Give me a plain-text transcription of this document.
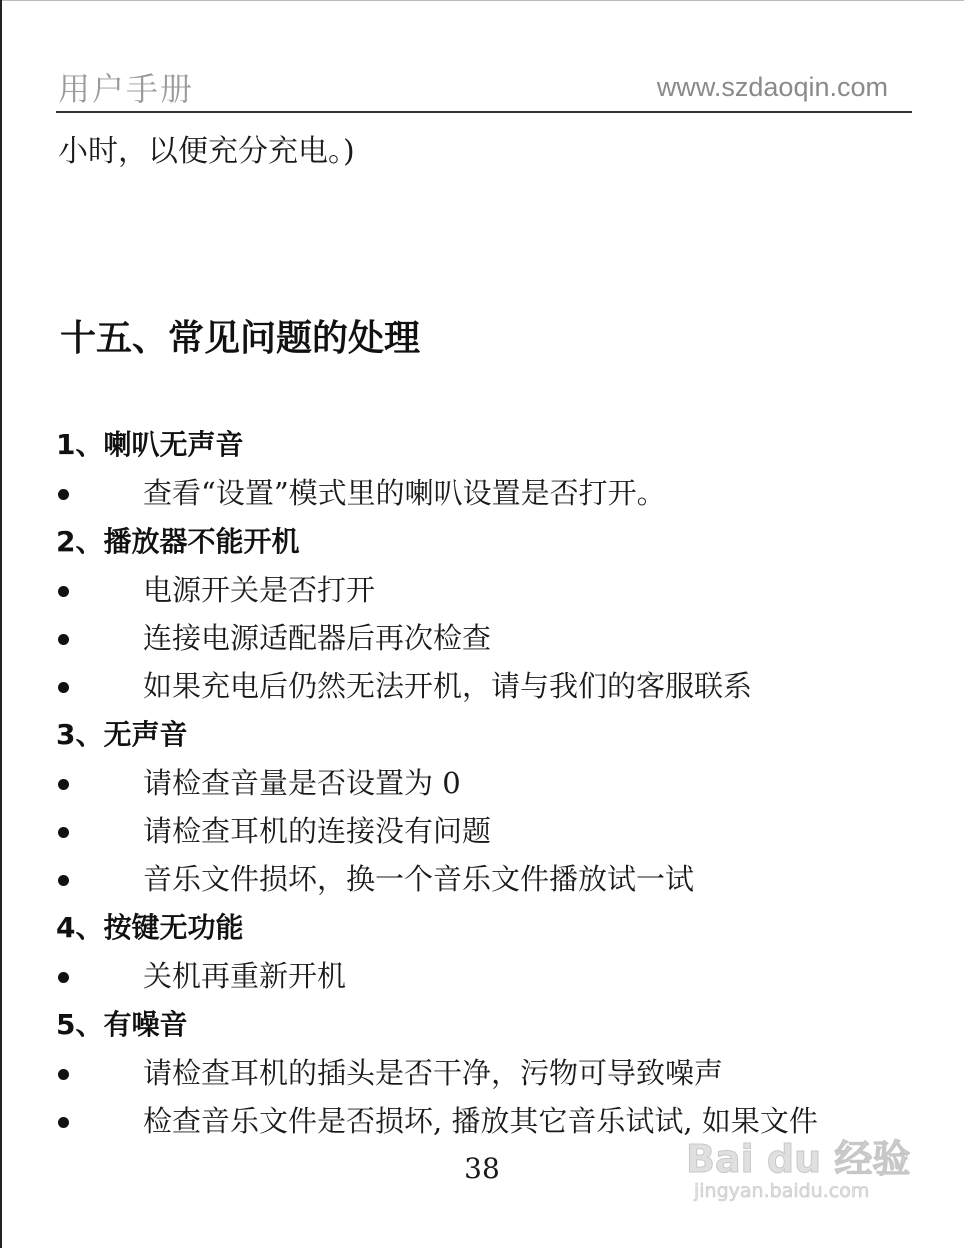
用户手册	www.szdaoqin.com
小时，以便充分充电。)
十五、常见问题的处理
1、喇叭无声音
查看“设置”模式里的喇叭设置是否打开。
2、播放器不能开机
电源开关是否打开
连接电源适配器后再次检查
如果充电后仍然无法开机，请与我们的客服联系
3、无声音
请检查音量是否设置为 0
请检查耳机的连接没有问题
音乐文件损坏，换一个音乐文件播放试一试
4、按键无功能
关机再重新开机
5、有噪音
请检查耳机的插头是否干净，污物可导致噪声
检查音乐文件是否损坏, 播放其它音乐试试, 如果文件
38	Bai du 经验
jingyan.baidu.com
